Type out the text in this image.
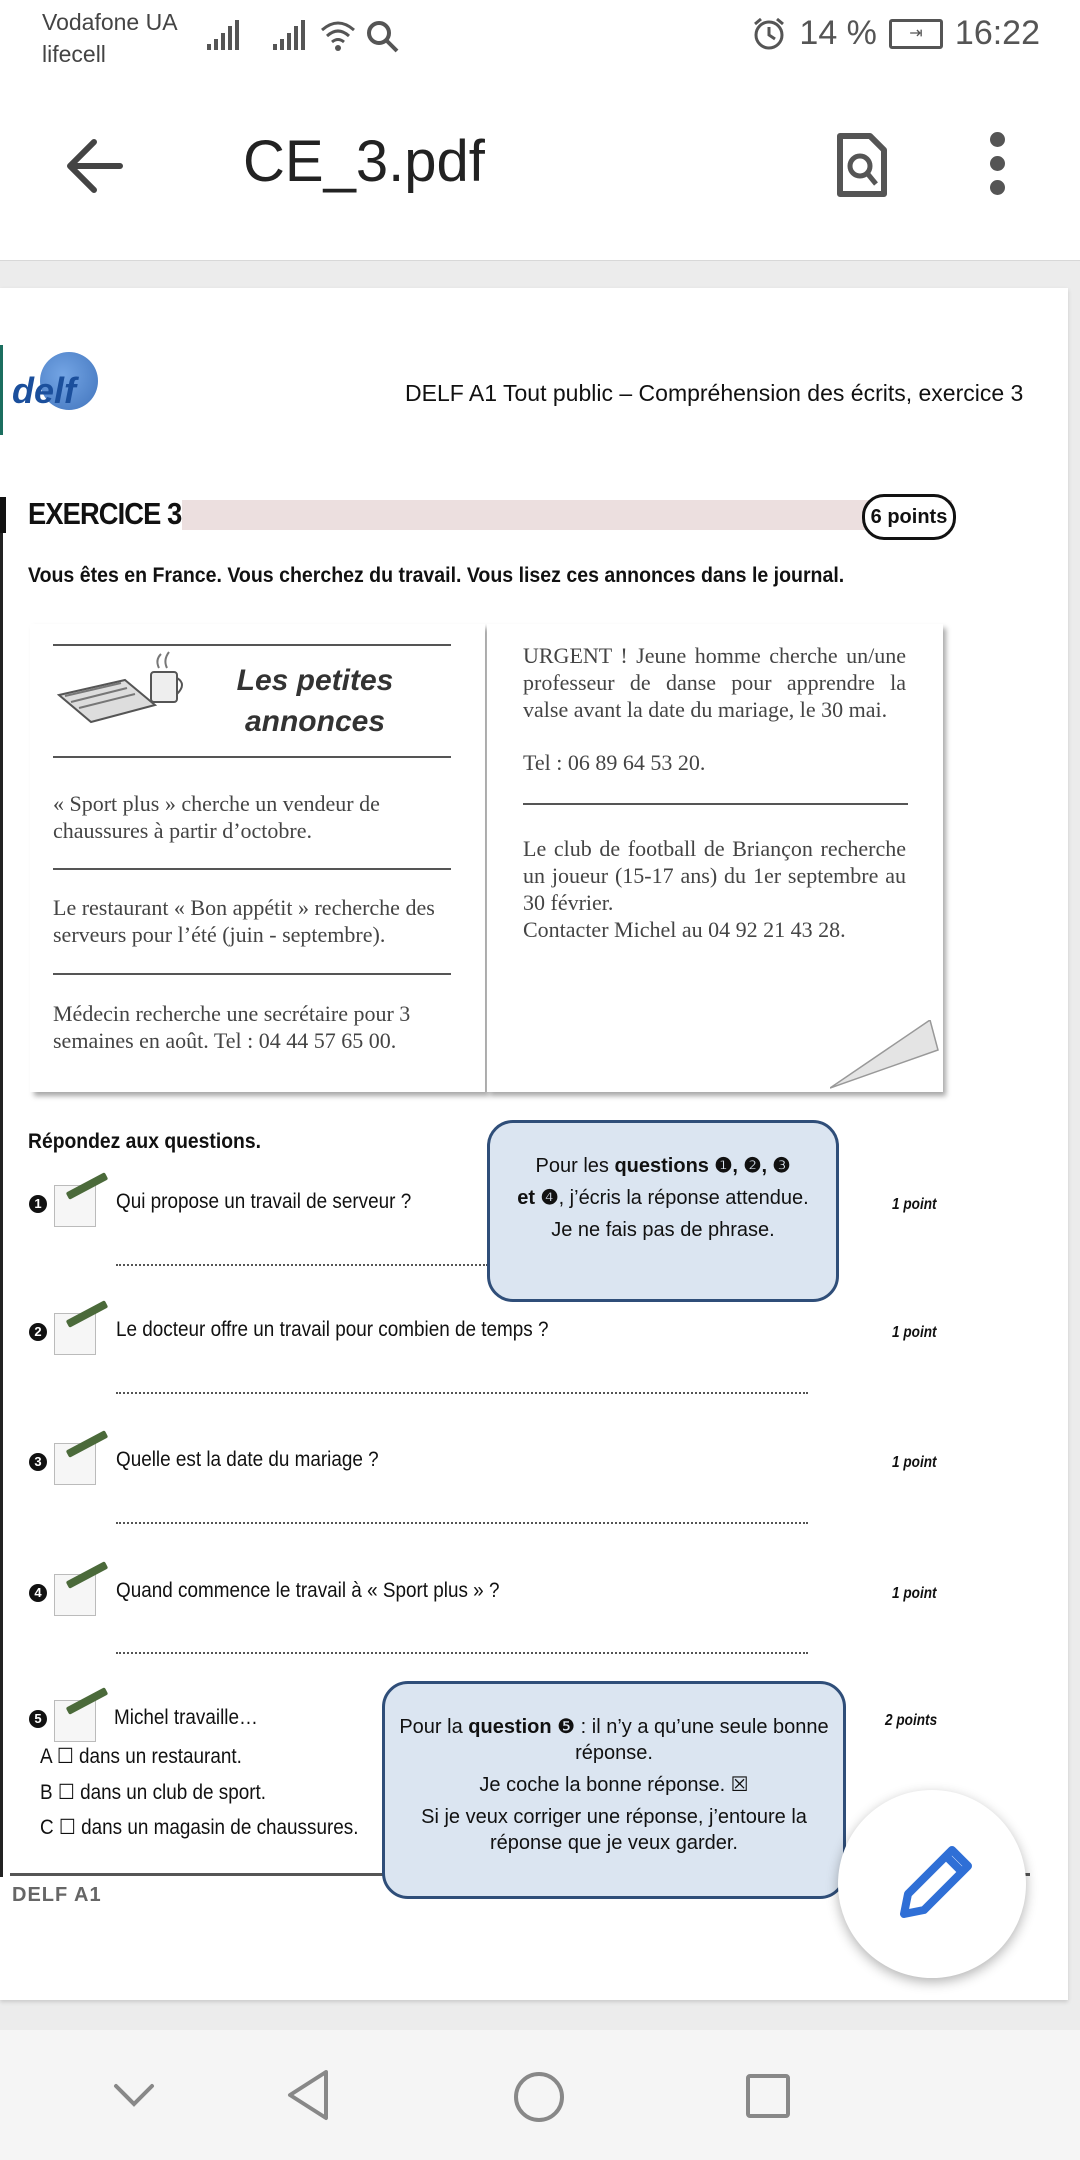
Vodafone UA
lifecell
14 %	⇥ 16:22
CE_3.pdf
delf	DELF A1 Tout public – Compréhension des écrits, exercice 3
EXERCICE 3	6 points
Vous êtes en France. Vous cherchez du travail. Vous lisez ces annonces dans le journal.
Les petites
annonces
« Sport plus » cherche un vendeur de chaussures à partir d’octobre.
Le restaurant « Bon appétit » recherche des serveurs pour l’été (juin - septembre).
Médecin recherche une secrétaire pour 3 semaines en août. Tel : 04 44 57 65 00.
URGENT ! Jeune homme cherche un/une professeur de danse pour apprendre la valse avant la date du mariage, le 30 mai.
Tel : 06 89 64 53 20.
Le club de football de Briançon recherche un joueur (15-17 ans) du 1er septembre au 30 février.
Contacter Michel au 04 92 21 43 28.
Répondez aux questions.
1	Qui propose un travail de serveur ?	1 point
2	Le docteur offre un travail pour combien de temps ?	1 point
3	Quelle est la date du mariage ?	1 point
4	Quand commence le travail à « Sport plus » ?	1 point
5	Michel travaille…	2 points
A ☐ dans un restaurant.
B ☐ dans un club de sport.
C ☐ dans un magasin de chaussures.

Pour les questions ❶, ❷, ❸

et ❹, j’écris la réponse attendue.

Je ne fais pas de phrase.

DELF A1

Pour la question ❺ : il n’y a qu’une seule bonne réponse.

Je coche la bonne réponse. ☒

Si je veux corriger une réponse, j’entoure la réponse que je veux garder.
